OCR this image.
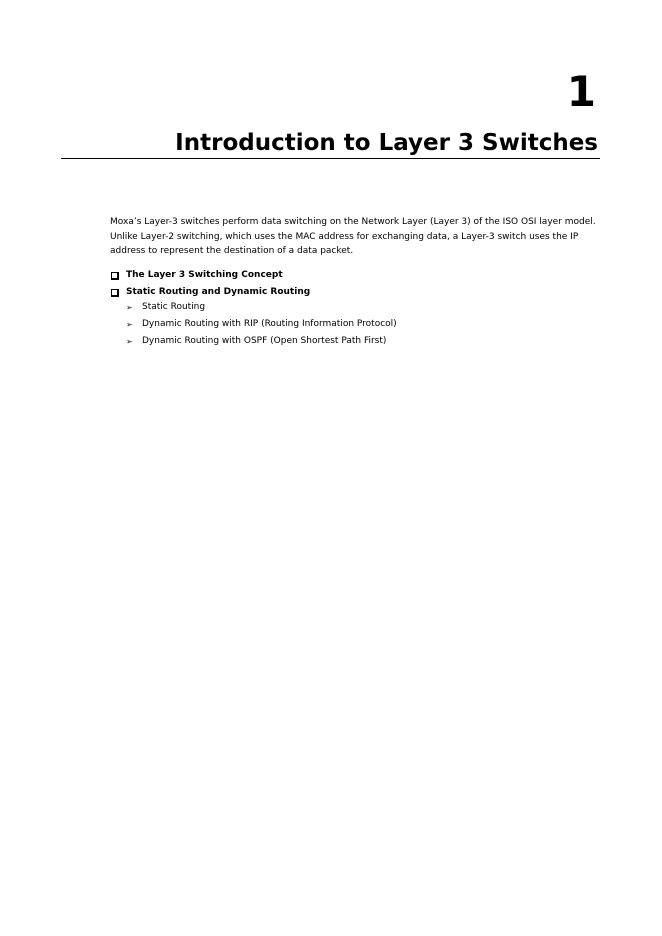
1
Introduction to Layer 3 Switches

Moxa’s Layer-3 switches perform data switching on the Network Layer (Layer 3) of the ISO OSI layer model. Unlike Layer-2 switching, which uses the MAC address for exchanging data, a Layer-3 switch uses the IP address to represent the destination of a data packet.

The Layer 3 Switching Concept
Static Routing and Dynamic Routing
➢ Static Routing
➢ Dynamic Routing with RIP (Routing Information Protocol)
➢ Dynamic Routing with OSPF (Open Shortest Path First)
